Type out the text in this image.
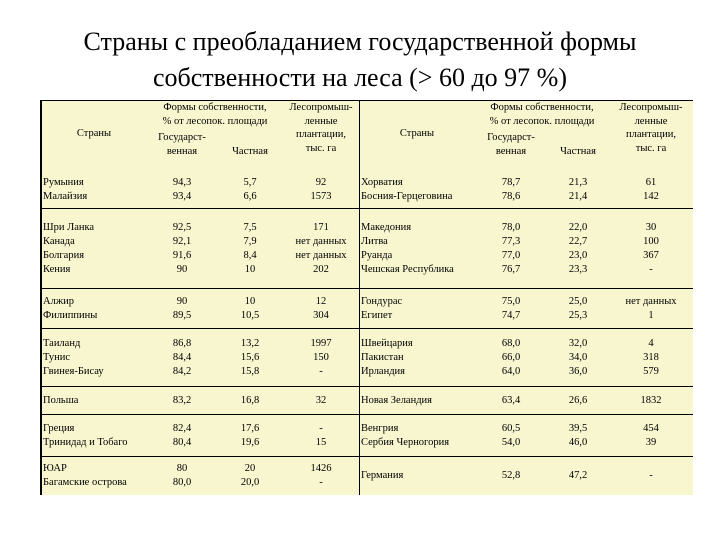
Страны с преобладанием государственной формы
собственности на леса (> 60 до 97 %)
Страны
Формы собственности,
% от лесопок. площади
Государст-
венная	Частная
Лесопромыш-
ленные
плантации,
тыс. га
Страны
Формы собственности,
% от лесопок. площади
Государст-
венная	Частная
Лесопромыш-
ленные
плантации,
тыс. га
Румыния	94,3	5,7	92
Малайзия	93,4	6,6	1573
Шри Ланка	92,5	7,5	171
Канада	92,1	7,9	нет данных
Болгария	91,6	8,4	нет данных
Кения	90	10	202
Алжир	90	10	12
Филиппины	89,5	10,5	304
Таиланд	86,8	13,2	1997
Тунис	84,4	15,6	150
Гвинея-Бисау	84,2	15,8	-
Польша	83,2	16,8	32
Греция	82,4	17,6	-
Тринидад и Тобаго	80,4	19,6	15
ЮАР	80	20	1426
Багамские острова	80,0	20,0	-
Хорватия	78,7	21,3	61
Босния-Герцеговина	78,6	21,4	142
Македония	78,0	22,0	30
Литва	77,3	22,7	100
Руанда	77,0	23,0	367
Чешская Республика	76,7	23,3	-
Гондурас	75,0	25,0	нет данных
Египет	74,7	25,3	1
Швейцария	68,0	32,0	4
Пакистан	66,0	34,0	318
Ирландия	64,0	36,0	579
Новая Зеландия	63,4	26,6	1832
Венгрия	60,5	39,5	454
Сербия Черногория	54,0	46,0	39
Германия	52,8	47,2	-
